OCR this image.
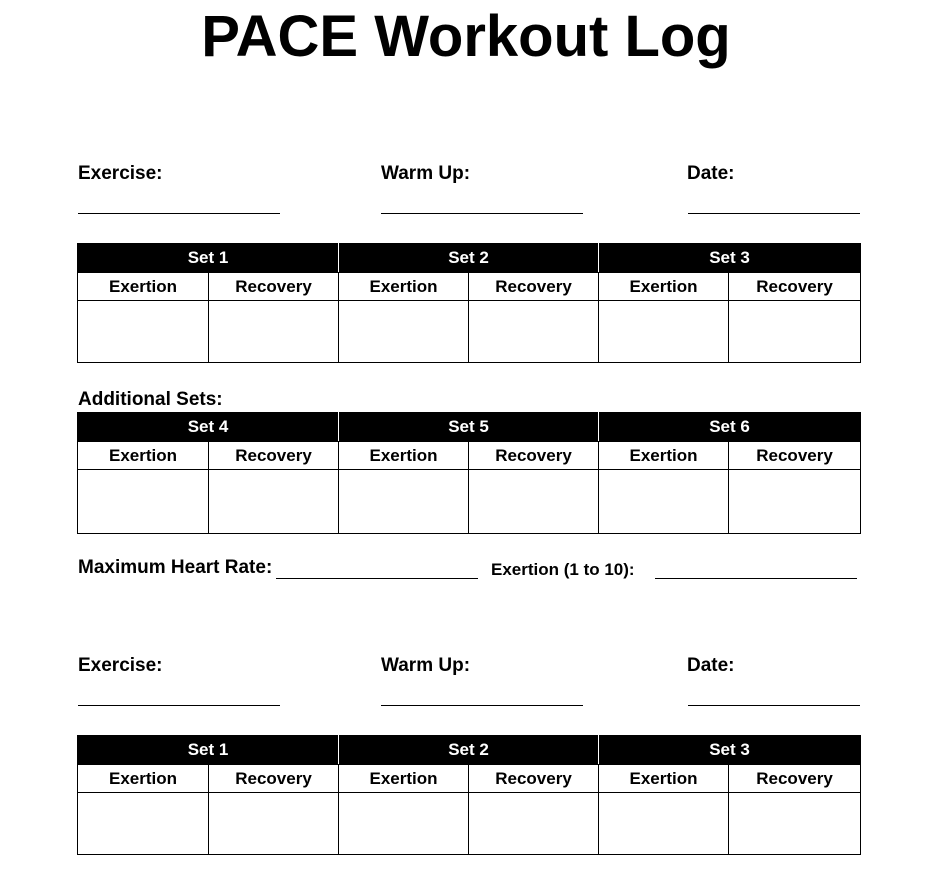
PACE Workout Log
Exercise:	Warm Up:	Date:
Set 1		Set 2		Set 3	
Exertion	Recovery	Exertion	Recovery	Exertion	Recovery

Additional Sets:
Set 4		Set 5		Set 6	
Exertion	Recovery	Exertion	Recovery	Exertion	Recovery

Maximum Heart Rate:	Exertion (1 to 10):
Exercise:	Warm Up:	Date:
Set 1		Set 2		Set 3	
Exertion	Recovery	Exertion	Recovery	Exertion	Recovery
